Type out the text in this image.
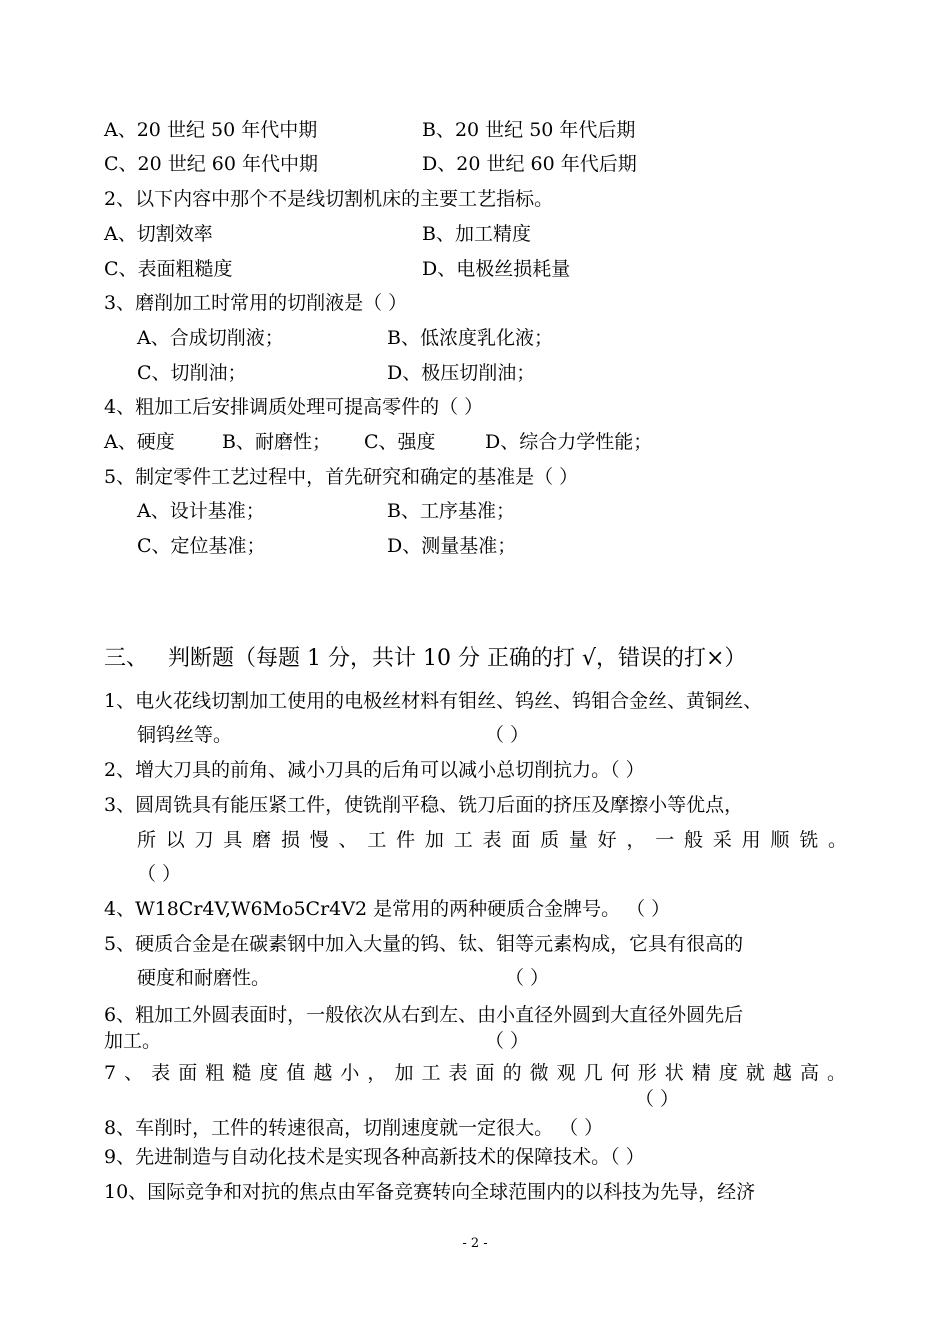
A、20 世纪 50 年代中期	B、20 世纪 50 年代后期
C、20 世纪 60 年代中期	D、20 世纪 60 年代后期
2、以下内容中那个不是线切割机床的主要工艺指标。
A、切割效率	B、加工精度
C、表面粗糙度	D、电极丝损耗量
3、磨削加工时常用的切削液是（ ）
A、合成切削液；	B、低浓度乳化液；
C、切削油；	D、极压切削油；
4、粗加工后安排调质处理可提高零件的（ ）
A、硬度 B、耐磨性； C、强度	D、综合力学性能；
5、制定零件工艺过程中，首先研究和确定的基准是（ ）
A、设计基准；	B、工序基准；
C、定位基准；	D、测量基准；
三、 判断题（每题 1 分，共计 10 分 正确的打 √，错误的打×）
1、电火花线切割加工使用的电极丝材料有钼丝、钨丝、钨钼合金丝、黄铜丝、
铜钨丝等。	（ ）
2、增大刀具的前角、减小刀具的后角可以减小总切削抗力。（ ）
3、圆周铣具有能压紧工件，使铣削平稳、铣刀后面的挤压及摩擦小等优点，
所以刀具磨损慢、工件加工表面质量好，一般采用顺铣。
（ ）
4、W18Cr4V,W6Mo5Cr4V2 是常用的两种硬质合金牌号。 （ ）
5、硬质合金是在碳素钢中加入大量的钨、钛、钼等元素构成，它具有很高的
硬度和耐磨性。	（ ）
6、粗加工外圆表面时，一般依次从右到左、由小直径外圆到大直径外圆先后
加工。	（ ）
7、表面粗糙度值越小，加工表面的微观几何形状精度就越高。
（ ）
8、车削时，工件的转速很高，切削速度就一定很大。 （ ）
9、先进制造与自动化技术是实现各种高新技术的保障技术。（ ）
10、国际竞争和对抗的焦点由军备竞赛转向全球范围内的以科技为先导，经济
- 2 -
